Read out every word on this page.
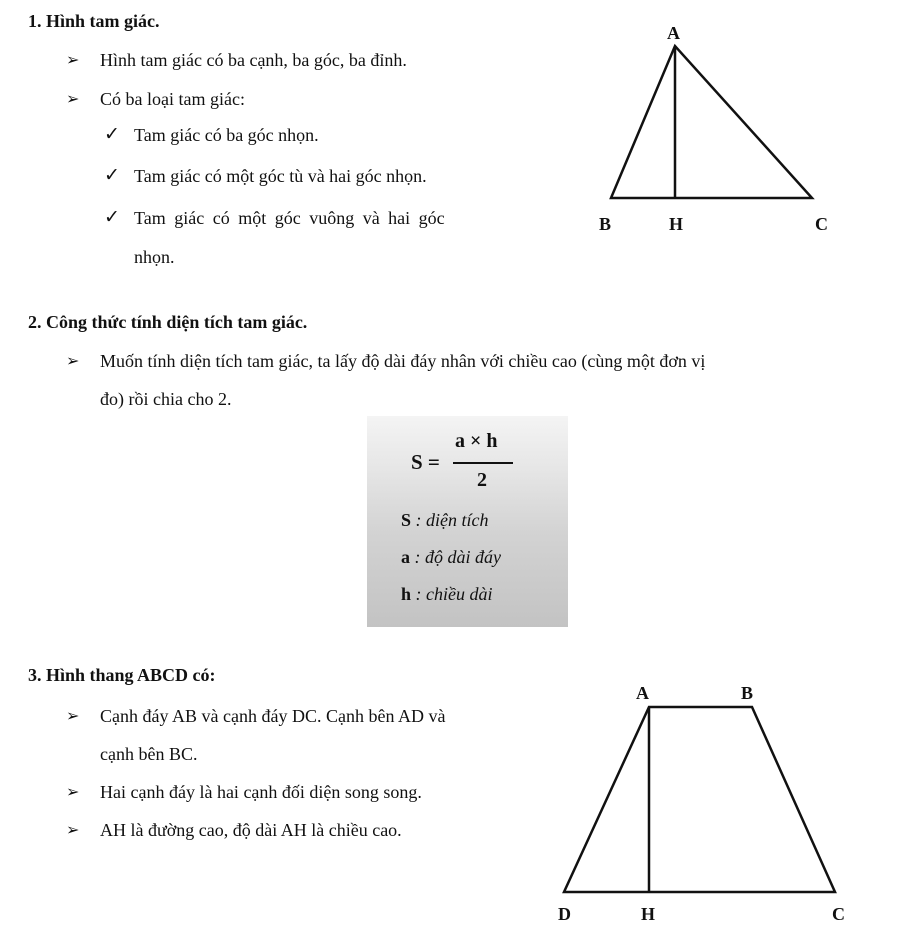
1. Hình tam giác.
➢ Hình tam giác có ba cạnh, ba góc, ba đỉnh.
➢ Có ba loại tam giác:
✓ Tam giác có ba góc nhọn.
✓ Tam giác có một góc tù và hai góc nhọn.
✓ Tam giác có một góc vuông và hai góc
nhọn.
A
B	H	C
2. Công thức tính diện tích tam giác.
➢ Muốn tính diện tích tam giác, ta lấy độ dài đáy nhân với chiều cao (cùng một đơn vị
đo) rồi chia cho 2.
S =
a × h
2
S : diện tích
a : độ dài đáy
h : chiều dài
3. Hình thang ABCD có:
➢ Cạnh đáy AB và cạnh đáy DC. Cạnh bên AD và
cạnh bên BC.
➢ Hai cạnh đáy là hai cạnh đối diện song song.
➢ AH là đường cao, độ dài AH là chiều cao.
A	B
D	H	C
